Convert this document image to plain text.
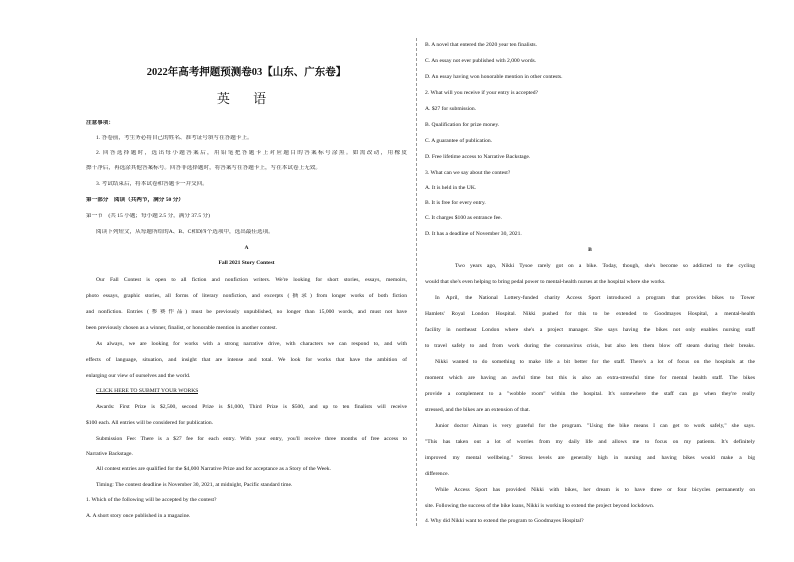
2022年高考押题预测卷03【山东、广东卷】
英 语
注意事项：
1. 答卷前，考生务必将自己的姓名、准考证号填写在答题卡上。
2. 回答选择题时，选出每小题答案后，用铅笔把答题卡上对应题目的答案标号涂黑。如需改动，用橡皮
擦干净后，再选涂其他答案标号。回答非选择题时，将答案写在答题卡上，写在本试卷上无效。
3. 考试结束后，将本试卷和答题卡一并交回。
第一部分　阅读（共两节，满分 50 分）
第一节　(共 15 小题；每小题 2.5 分，满分 37.5 分)
阅读下列短文，从每题所给的A、B、C和D四个选项中，选出最佳选项。
A
Fall 2021 Story Contest
Our Fall Contest is open to all fiction and nonfiction writers. We're looking for short stories, essays, memoirs,
photo essays, graphic stories, all forms of literary nonfiction, and excerpts (摘录) from longer works of both fiction
and nonfiction. Entries (参赛作品) must be previously unpublished, no longer than 15,000 words, and must not have
been previously chosen as a winner, finalist, or honorable mention in another contest.
As always, we are looking for works with a strong narrative drive, with characters we can respond to, and with
effects of language, situation, and insight that are intense and total. We look for works that have the ambition of
enlarging our view of ourselves and the world.
CLICK HERE TO SUBMIT YOUR WORKS
Awards: First Prize is $2,500, second Prize is $1,000, Third Prize is $500, and up to ten finalists will receive
$100 each. All entries will be considered for publication.
Submission Fee: There is a $27 fee for each entry. With your entry, you'll receive three months of free access to
Narrative Backstage.
All contest entries are qualified for the $4,000 Narrative Prize and for acceptance as a Story of the Week.
Timing: The contest deadline is November 30, 2021, at midnight, Pacific standard time.
1. Which of the following will be accepted by the contest?
A. A short story once published in a magazine.
B. A novel that entered the 2020 year ten finalists.
C. An essay not ever published with 2,000 words.
D. An essay having won honorable mention in other contests.
2. What will you receive if your entry is accepted?
A. $27 for submission.
B. Qualification for prize money.
C. A guarantee of publication.
D. Free lifetime access to Narrative Backstage.
3. What can we say about the contest?
A. It is held in the UK.
B. It is free for every entry.
C. It charges $100 as entrance fee.
D. It has a deadline of November 30, 2021.
B
Two years ago, Nikki Tysoe rarely got on a bike. Today, though, she's become so addicted to the cycling
would that she's even helping to bring pedal power to mental-health nurses at the hospital where she works.
In April, the National Lottery-funded charity Access Sport introduced a program that provides bikes to Tower
Hamlets' Royal London Hospital. Nikki pushed for this to be extended to Goodmayes Hospital, a mental-health
facility in northeast London where she's a project manager. She says having the bikes not only enables nursing staff
to travel safely to and from work during the coronavirus crisis, but also lets them blow off steam during their breaks.
Nikki wanted to do something to make life a bit better for the staff. There's a lot of focus on the hospitals at the
moment which are having an awful time but this is also an extra-stressful time for mental health staff. The bikes
provide a complement to a "wobble room" within the hospital. It's somewhere the staff can go when they're really
stressed, and the bikes are an extension of that.
Junior doctor Aiman is very grateful for the program. "Using the bike means I can get to work safely," she says.
"This has taken out a lot of worries from my daily life and allows me to focus on my patients. It's definitely
improved my mental wellbeing." Stress levels are generally high in nursing and having bikes would make a big
difference.
While Access Sport has provided Nikki with bikes, her dream is to have three or four bicycles permanently on
site. Following the success of the bike loans, Nikki is working to extend the project beyond lockdown.
4. Why did Nikki want to extend the program to Goodmayes Hospital?
